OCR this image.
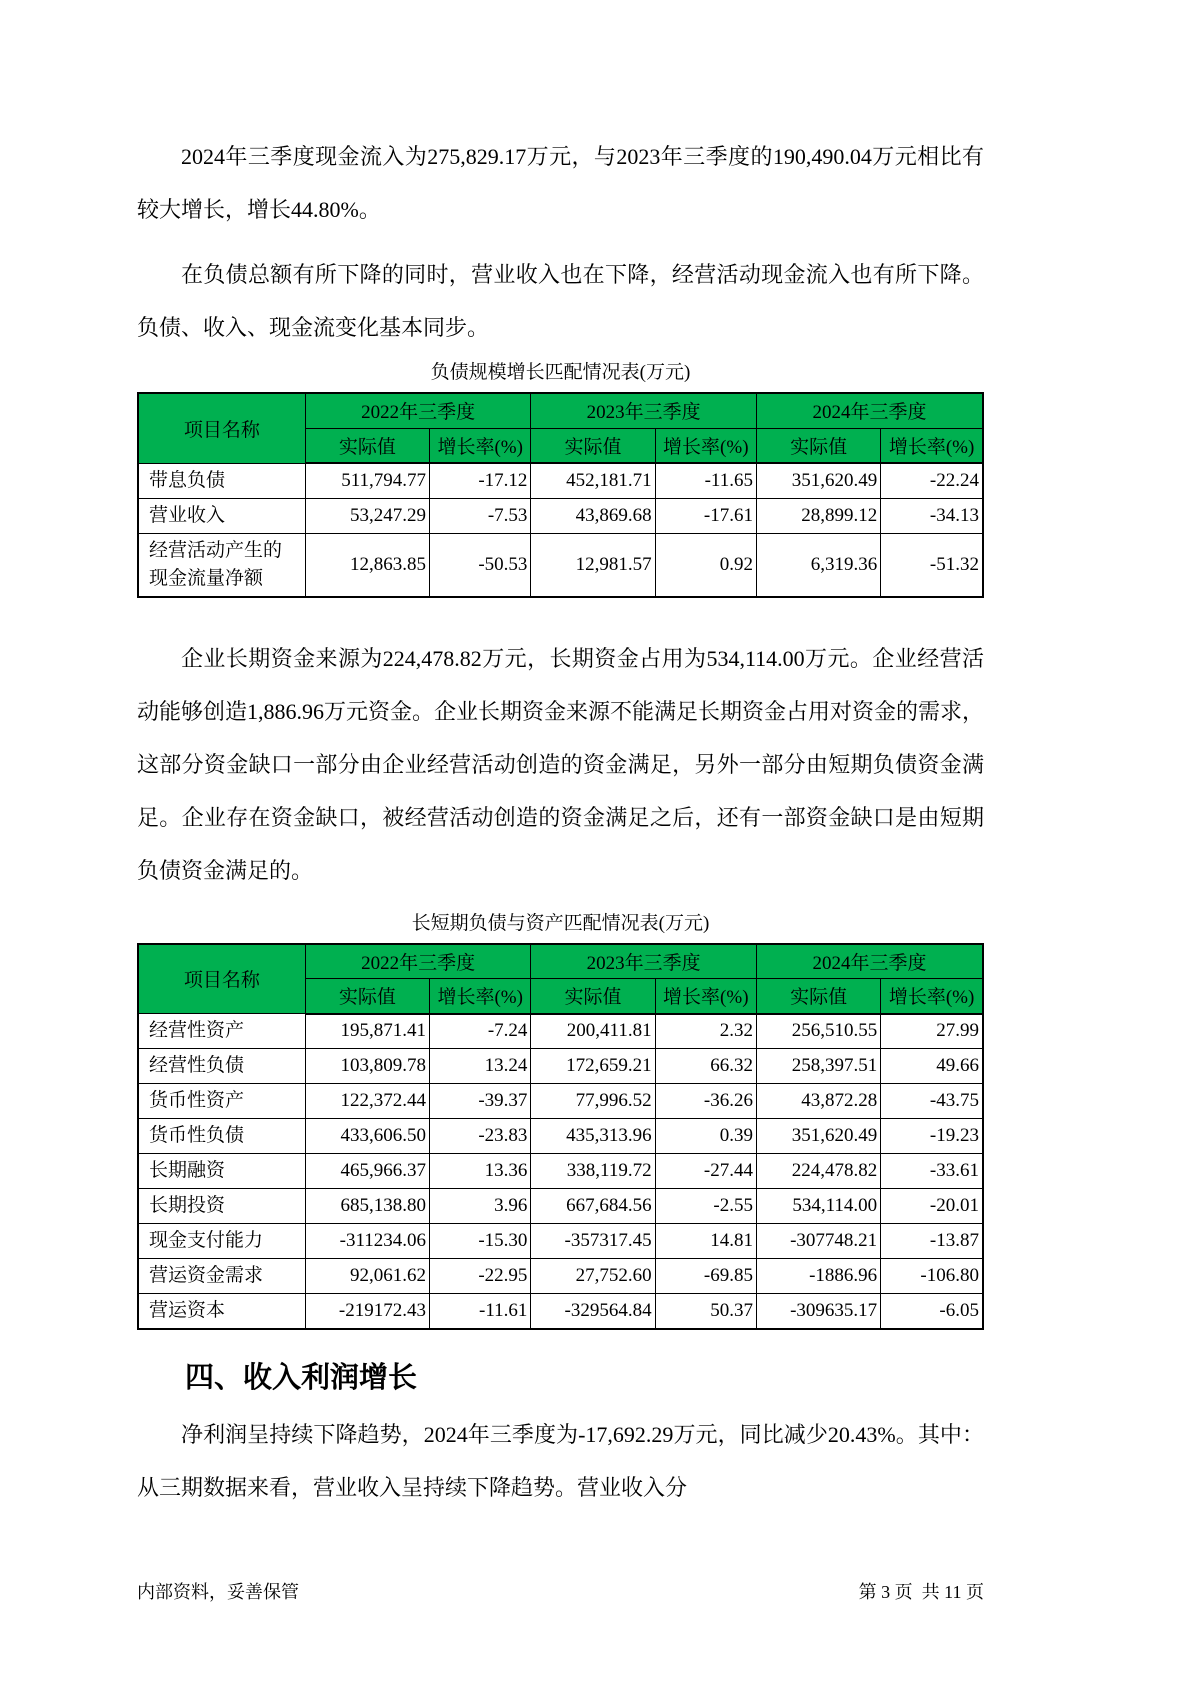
2024年三季度现金流入为275,829.17万元，与2023年三季度的190,490.04万元相比有较大增长，增长44.80%。

在负债总额有所下降的同时，营业收入也在下降，经营活动现金流入也有所下降。负债、收入、现金流变化基本同步。

负债规模增长匹配情况表(万元)
项目名称	2022年三季度		2023年三季度		2024年三季度	
	实际值	增长率(%)	实际值	增长率(%)	实际值	增长率(%)
带息负债	511,794.77	-17.12	452,181.71	-11.65	351,620.49	-22.24
营业收入	53,247.29	-7.53	43,869.68	-17.61	28,899.12	-34.13
经营活动产生的现金流量净额	12,863.85	-50.53	12,981.57	0.92	6,319.36	-51.32

企业长期资金来源为224,478.82万元，长期资金占用为534,114.00万元。企业经营活动能够创造1,886.96万元资金。企业长期资金来源不能满足长期资金占用对资金的需求，这部分资金缺口一部分由企业经营活动创造的资金满足，另外一部分由短期负债资金满足。企业存在资金缺口，被经营活动创造的资金满足之后，还有一部资金缺口是由短期负债资金满足的。

长短期负债与资产匹配情况表(万元)
项目名称	2022年三季度		2023年三季度		2024年三季度	
	实际值	增长率(%)	实际值	增长率(%)	实际值	增长率(%)
经营性资产	195,871.41	-7.24	200,411.81	2.32	256,510.55	27.99
经营性负债	103,809.78	13.24	172,659.21	66.32	258,397.51	49.66
货币性资产	122,372.44	-39.37	77,996.52	-36.26	43,872.28	-43.75
货币性负债	433,606.50	-23.83	435,313.96	0.39	351,620.49	-19.23
长期融资	465,966.37	13.36	338,119.72	-27.44	224,478.82	-33.61
长期投资	685,138.80	3.96	667,684.56	-2.55	534,114.00	-20.01
现金支付能力	-311234.06	-15.30	-357317.45	14.81	-307748.21	-13.87
营运资金需求	92,061.62	-22.95	27,752.60	-69.85	-1886.96	-106.80
营运资本	-219172.43	-11.61	-329564.84	50.37	-309635.17	-6.05
四、收入利润增长

净利润呈持续下降趋势，2024年三季度为-17,692.29万元，同比减少20.43%。其中：从三期数据来看，营业收入呈持续下降趋势。营业收入分

内部资料，妥善保管	第 3 页  共 11 页
